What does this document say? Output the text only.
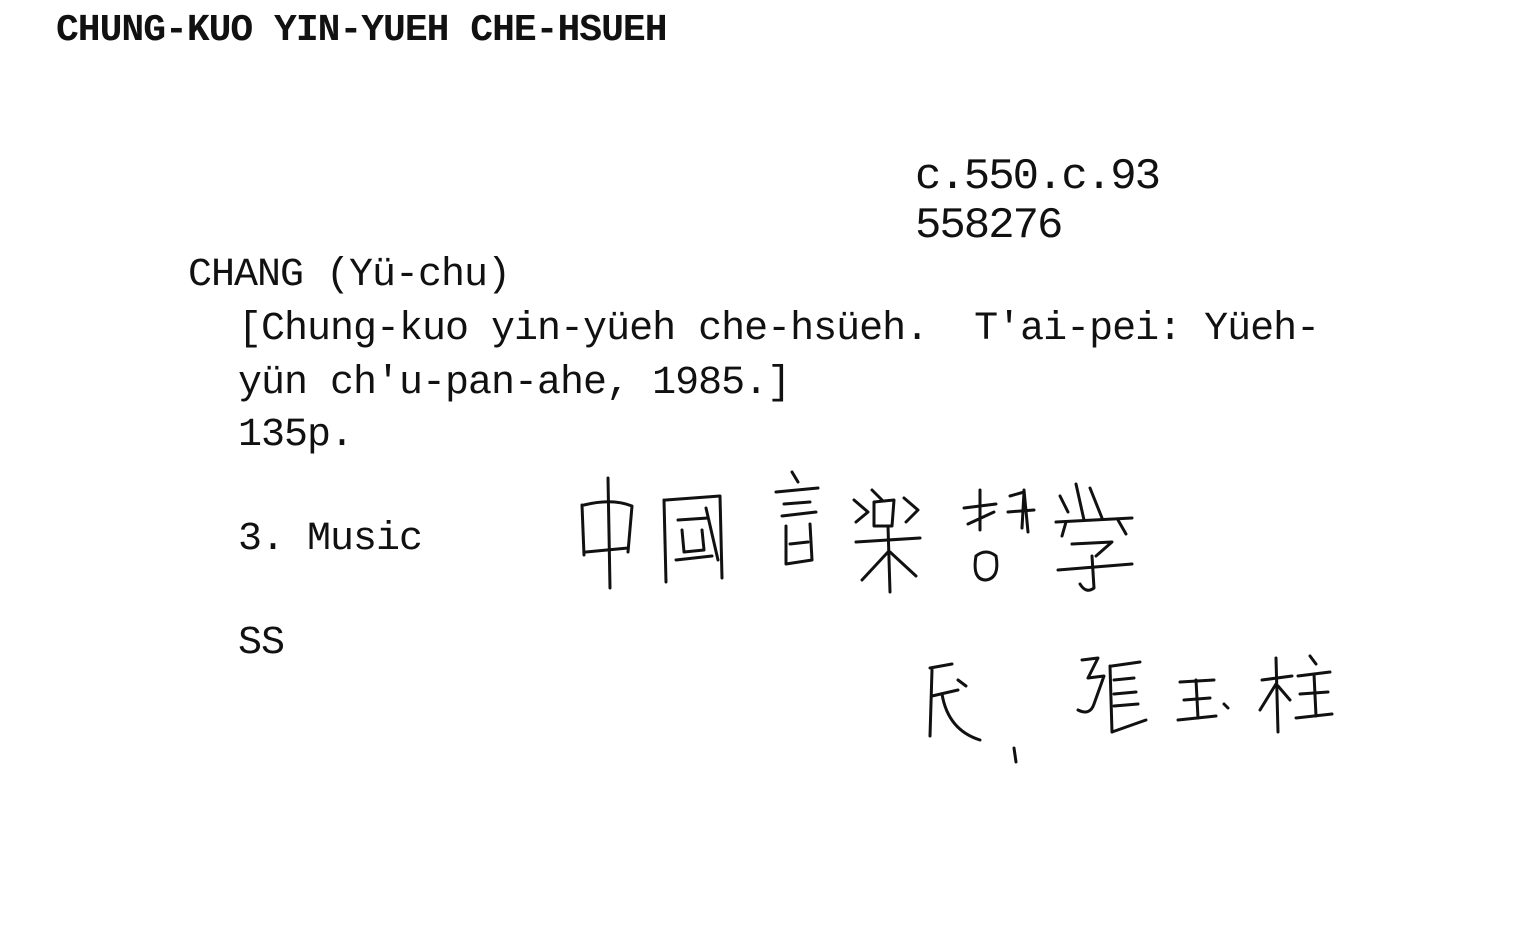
CHUNG-KUO YIN-YUEH CHE-HSUEH
c.550.c.93
558276
CHANG (Yü-chu)
[Chung-kuo yin-yüeh che-hsüeh.  T'ai-pei: Yüeh-
yün ch'u-pan-ahe, 1985.]
135p.
3. Music
SS
